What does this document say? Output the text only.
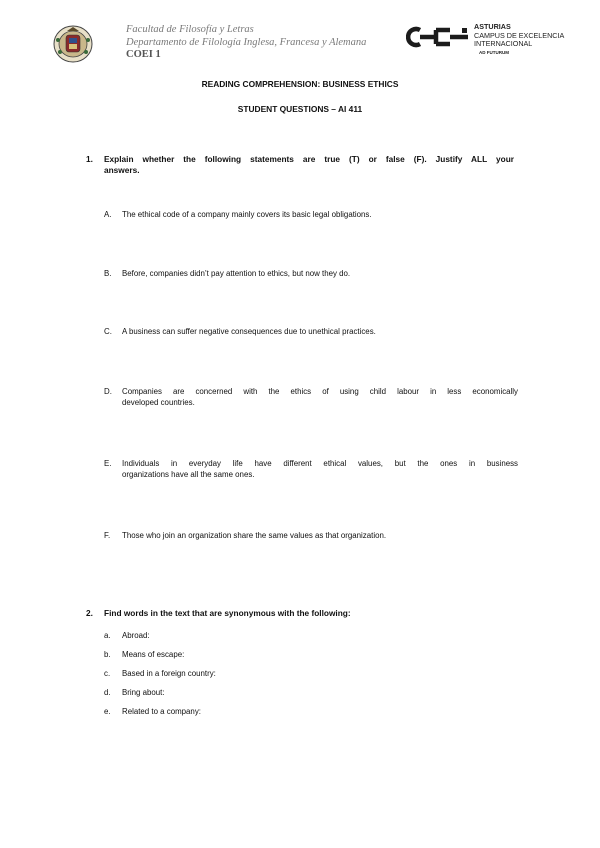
Facultad de Filosofía y Letras
Departamento de Filología Inglesa, Francesa y Alemana
COEI 1
ASTURIAS
CAMPUS DE EXCELENCIA
INTERNACIONAL
AD FUTURUM
READING COMPREHENSION: BUSINESS ETHICS
STUDENT QUESTIONS – AI 411
1. Explain whether the following statements are true (T) or false (F). Justify ALL your
answers.
A. The ethical code of a company mainly covers its basic legal obligations.
B. Before, companies didn’t pay attention to ethics, but now they do.
C. A business can suffer negative consequences due to unethical practices.
D. Companies are concerned with the ethics of using child labour in less economically
developed countries.
E. Individuals in everyday life have different ethical values, but the ones in business
organizations have all the same ones.
F. Those who join an organization share the same values as that organization.
2. Find words in the text that are synonymous with the following:
a. Abroad:
b. Means of escape:
c. Based in a foreign country:
d. Bring about:
e. Related to a company:
